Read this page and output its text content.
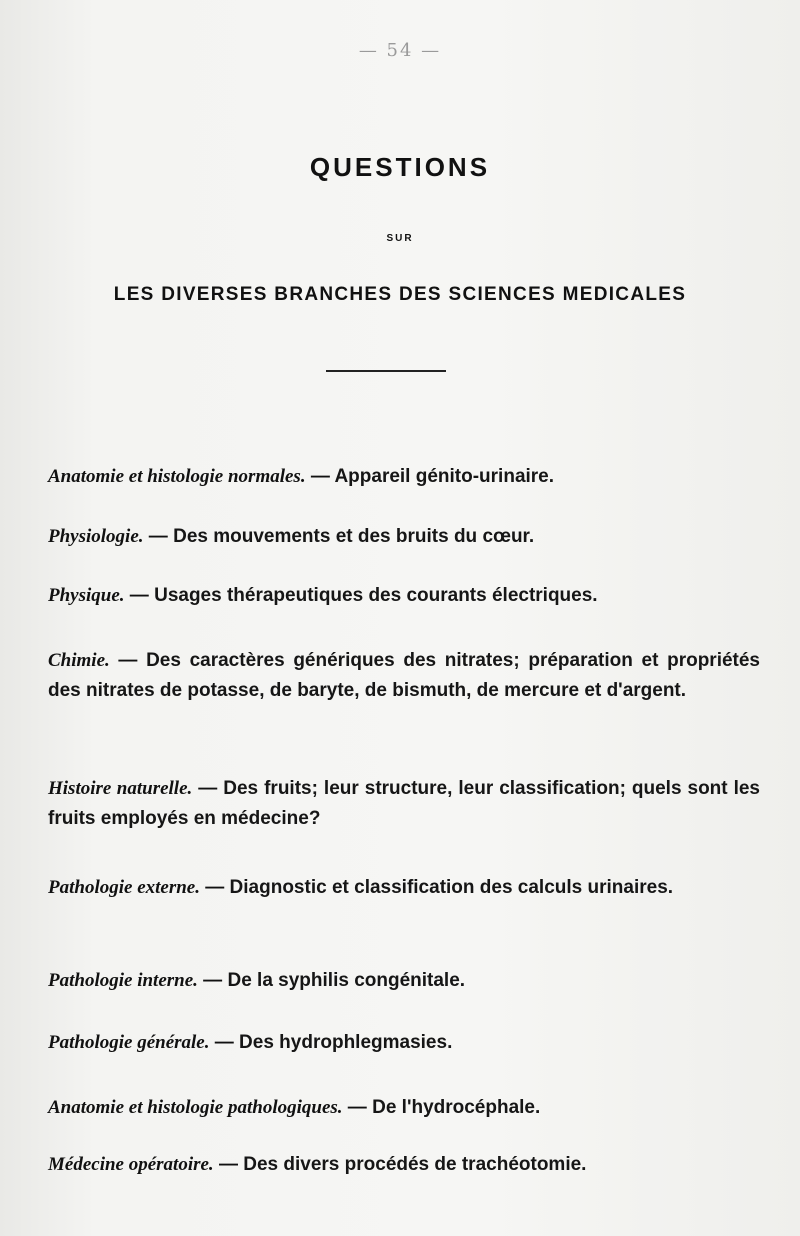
— 54 —
QUESTIONS
SUR
LES DIVERSES BRANCHES DES SCIENCES MEDICALES
Anatomie et histologie normales. — Appareil génito-urinaire.
Physiologie. — Des mouvements et des bruits du cœur.
Physique. — Usages thérapeutiques des courants électriques.
Chimie. — Des caractères génériques des nitrates; préparation et propriétés des nitrates de potasse, de baryte, de bismuth, de mercure et d'argent.
Histoire naturelle. — Des fruits; leur structure, leur classification; quels sont les fruits employés en médecine?
Pathologie externe. — Diagnostic et classification des calculs urinaires.
Pathologie interne. — De la syphilis congénitale.
Pathologie générale. — Des hydrophlegmasies.
Anatomie et histologie pathologiques. — De l'hydrocéphale.
Médecine opératoire. — Des divers procédés de trachéotomie.
